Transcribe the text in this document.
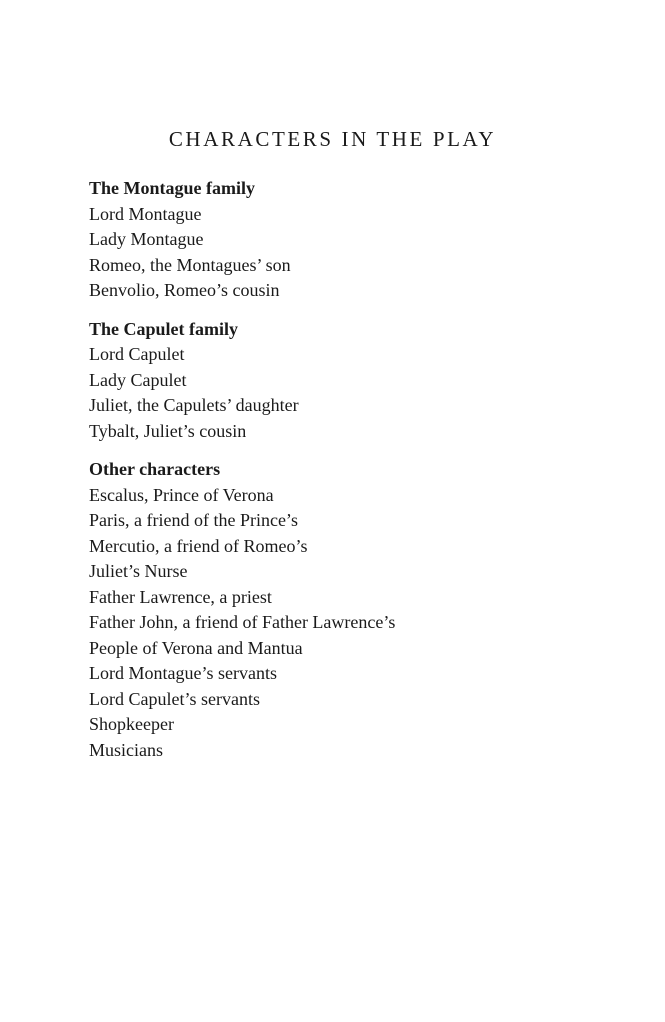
CHARACTERS IN THE PLAY
The Montague family
Lord Montague
Lady Montague
Romeo, the Montagues’ son
Benvolio, Romeo’s cousin
The Capulet family
Lord Capulet
Lady Capulet
Juliet, the Capulets’ daughter
Tybalt, Juliet’s cousin
Other characters
Escalus, Prince of Verona
Paris, a friend of the Prince’s
Mercutio, a friend of Romeo’s
Juliet’s Nurse
Father Lawrence, a priest
Father John, a friend of Father Lawrence’s
People of Verona and Mantua
Lord Montague’s servants
Lord Capulet’s servants
Shopkeeper
Musicians
